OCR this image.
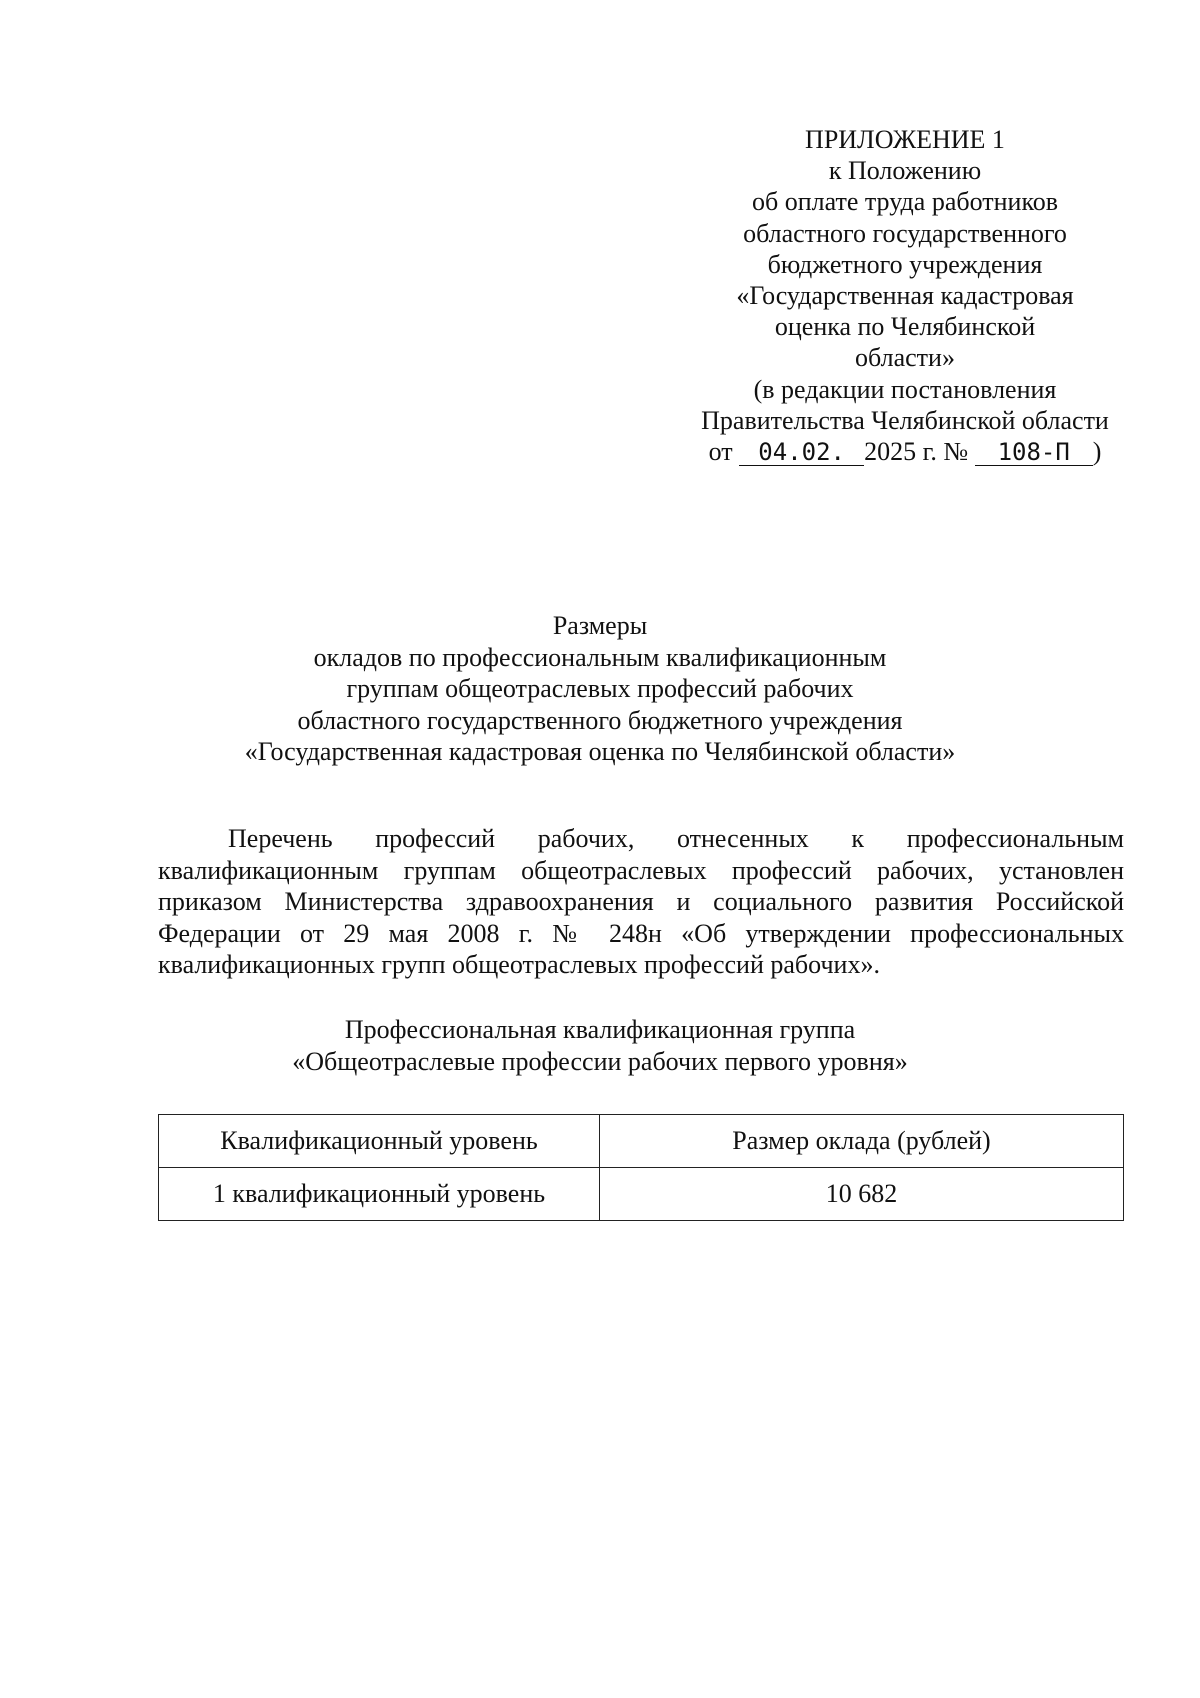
ПРИЛОЖЕНИЕ 1
к Положению
об оплате труда работников
областного государственного
бюджетного учреждения
«Государственная кадастровая
оценка по Челябинской
области»
(в редакции постановления
Правительства Челябинской области
от 04.02. 2025 г. № 108-П )
Размеры
окладов по профессиональным квалификационным
группам общеотраслевых профессий рабочих
областного государственного бюджетного учреждения
«Государственная кадастровая оценка по Челябинской области»
Перечень профессий рабочих, отнесенных к профессиональным
квалификационным группам общеотраслевых профессий рабочих, установлен
приказом Министерства здравоохранения и социального развития Российской
Федерации от 29 мая 2008 г. № 248н «Об утверждении профессиональных
квалификационных групп общеотраслевых профессий рабочих».
Профессиональная квалификационная группа
«Общеотраслевые профессии рабочих первого уровня»
Квалификационный уровень	Размер оклада (рублей)
1 квалификационный уровень	10 682
